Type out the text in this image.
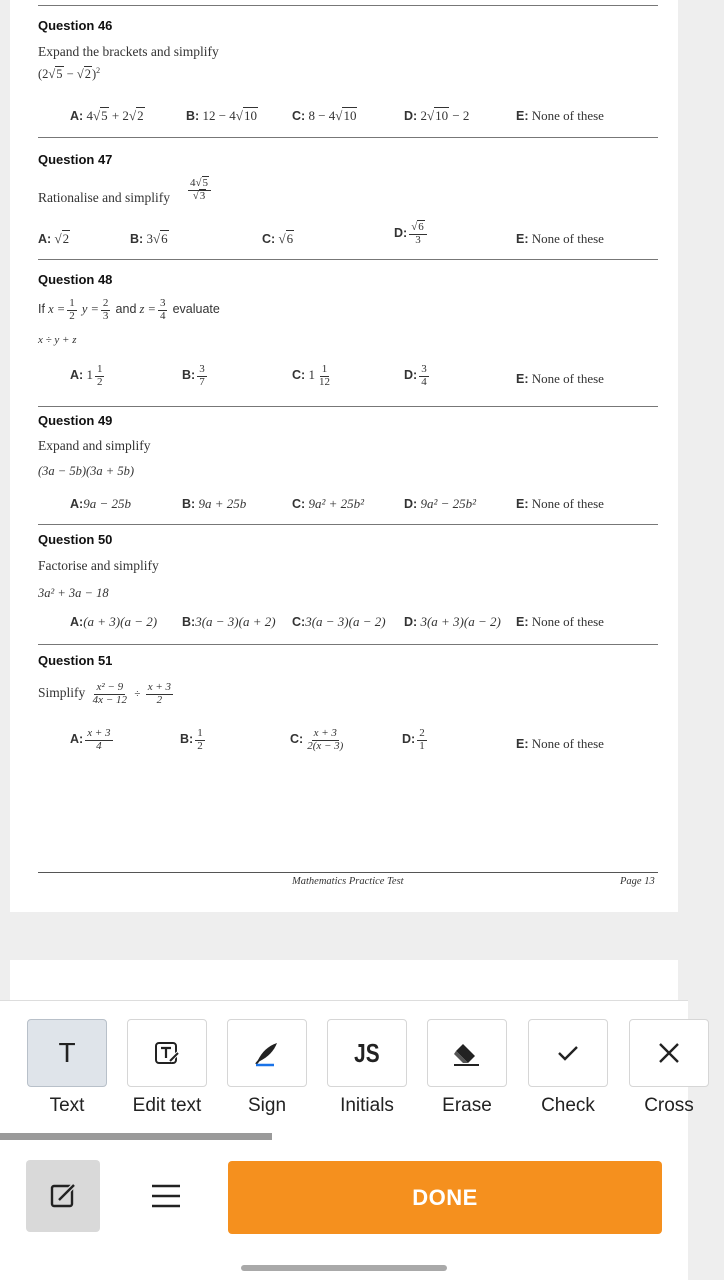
Question 46
Expand the brackets and simplify
$(2√5 - √2)^2$
A: 4√5 + 2√2	B: 12 − 4√10	C: 8 − 4√10	D: 2√10 − 2	E: None of these
Question 47
Rationalise and simplify $\frac{4√5}{√3}$
A: √2	B: 3√6	C: √6	D: $\frac{√6}{3}$	E: None of these
Question 48
If $x = \frac{1}{2}$ $y = \frac{2}{3}$ and $z = \frac{3}{4}$ evaluate
x ÷ y + z
A: $1 \frac{1}{2}$	B: $\frac{3}{7}$	C: $1 \frac{1}{12}$	D: $\frac{3}{4}$	E: None of these
Question 49
Expand and simplify
(3a − 5b)(3a + 5b)
A:9a − 25b	B: 9a + 25b	C: 9a² + 25b²	D: 9a² − 25b²	E: None of these
Question 50
Factorise and simplify
3a² + 3a − 18
A:(a + 3)(a − 2) B:3(a − 3)(a + 2) C:3(a − 3)(a − 2) D: 3(a + 3)(a − 2) E: None of these
Question 51
Simplify $\frac{\text{x² − 9}}{4x - 12} \div \frac{x + 3}{2}$
A: $\frac{x + 3}{4}$	B: $\frac{1}{2}$	C: $\frac{x + 3}{2(x - 3)}$	D: $\frac{2}{1}$	E: None of these
Mathematics Practice Test	Page 13
T
Text	Edit text	Sign
JS
Initials	Erase	Check	Cross
DONE
